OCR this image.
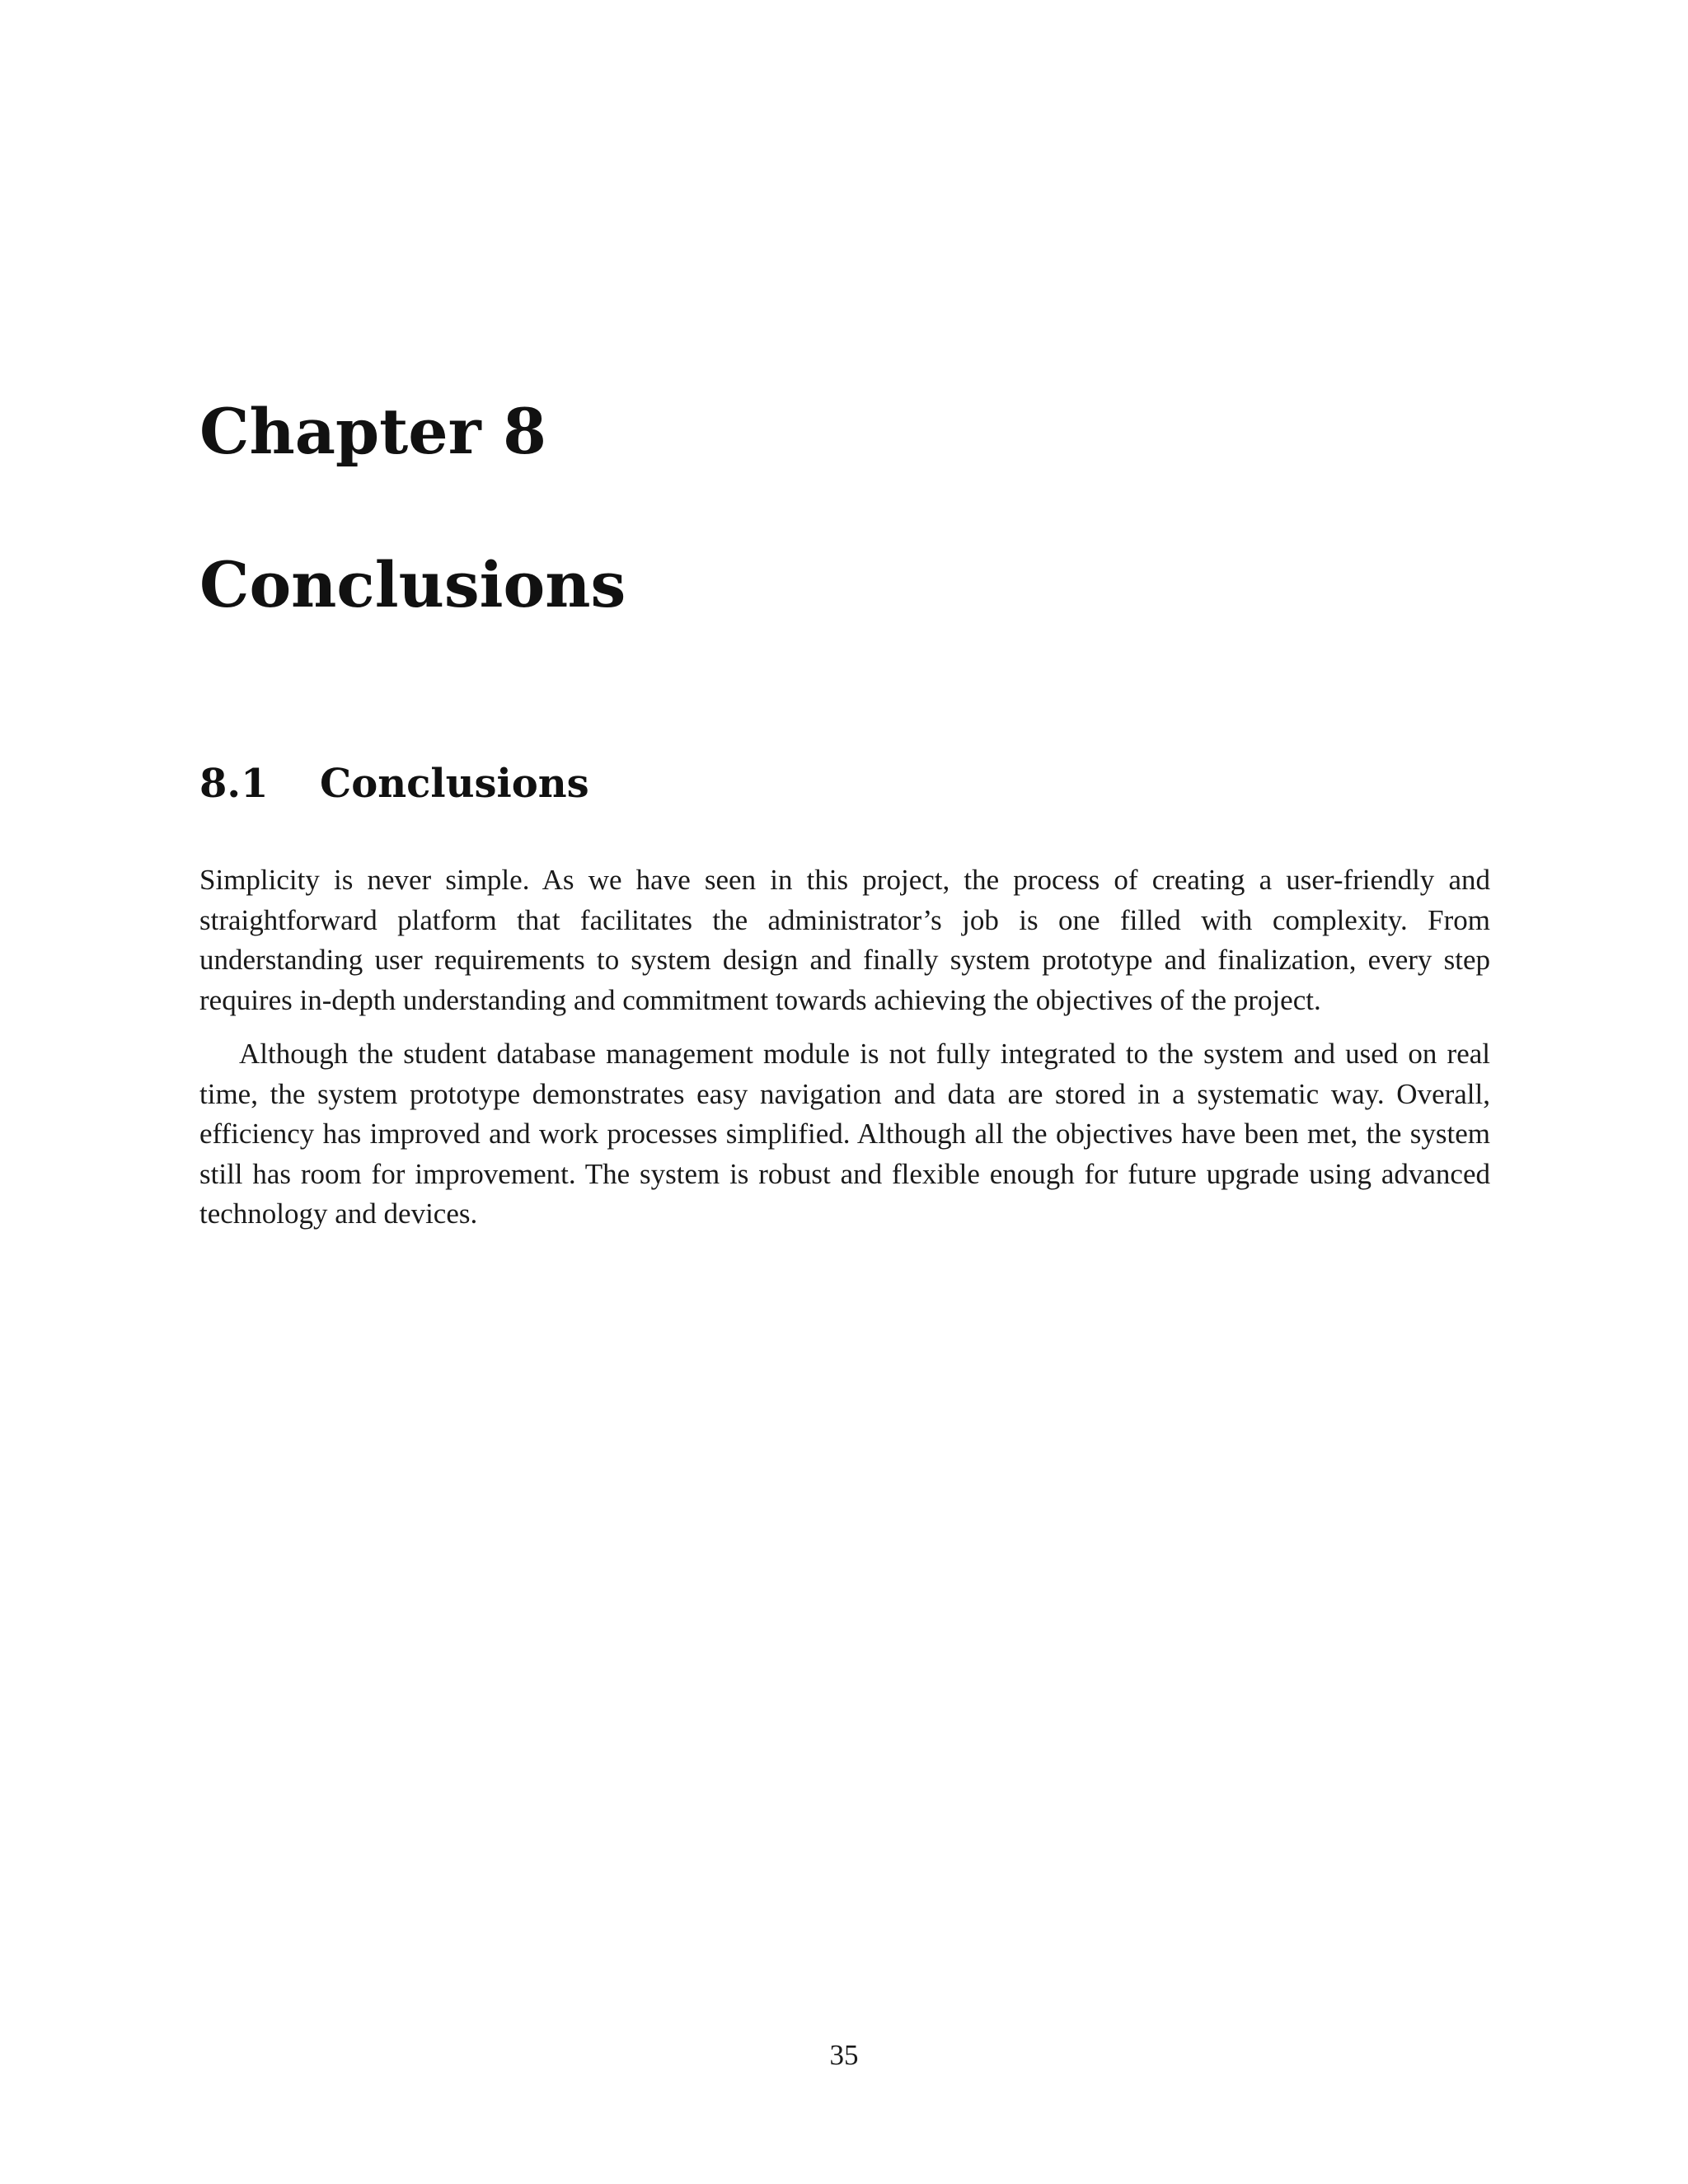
Chapter 8
Conclusions
8.1 Conclusions

Simplicity is never simple. As we have seen in this project, the process of creating a user-friendly and straightforward platform that facilitates the administrator’s job is one filled with complexity. From understanding user requirements to system design and finally system prototype and finalization, every step requires in-depth understanding and commitment towards achieving the objectives of the project.

Although the student database management module is not fully integrated to the system and used on real time, the system prototype demonstrates easy navigation and data are stored in a systematic way. Overall, efficiency has improved and work processes simplified. Although all the objectives have been met, the system still has room for improvement. The system is robust and flexible enough for future upgrade using advanced technology and devices.

35
